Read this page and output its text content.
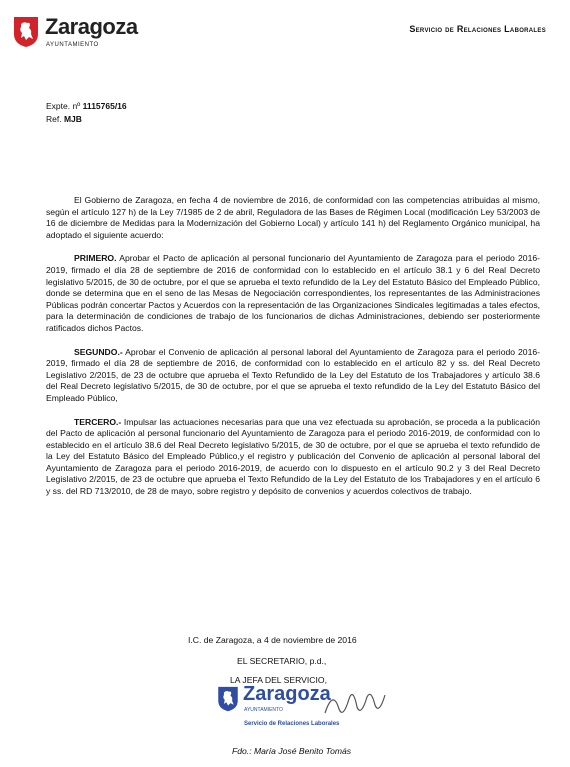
Zaragoza
AYUNTAMIENTO
Servicio de Relaciones Laborales
Expte. nº 1115765/16
Ref. MJB

El Gobierno de Zaragoza, en fecha 4 de noviembre de 2016, de conformidad con las competencias atribuidas al mismo, según el artículo 127 h) de la Ley 7/1985 de 2 de abril, Reguladora de las Bases de Régimen Local (modificación Ley 53/2003 de 16 de diciembre de Medidas para la Modernización del Gobierno Local) y artículo 141 h) del Reglamento Orgánico municipal, ha adoptado el siguiente acuerdo:

PRIMERO. Aprobar el Pacto de aplicación al personal funcionario del Ayuntamiento de Zaragoza para el periodo 2016-2019, firmado el día 28 de septiembre de 2016 de conformidad con lo establecido en el artículo 38.1 y 6 del Real Decreto legislativo 5/2015, de 30 de octubre, por el que se aprueba el texto refundido de la Ley del Estatuto Básico del Empleado Público, donde se determina que en el seno de las Mesas de Negociación correspondientes, los representantes de las Administraciones Públicas podrán concertar Pactos y Acuerdos con la representación de las Organizaciones Sindicales legitimadas a tales efectos, para la determinación de condiciones de trabajo de los funcionarios de dichas Administraciones, debiendo ser posteriormente ratificados dichos Pactos.

SEGUNDO.- Aprobar el Convenio de aplicación al personal laboral del Ayuntamiento de Zaragoza para el periodo 2016-2019, firmado el día 28 de septiembre de 2016, de conformidad con lo establecido en el artículo 82 y ss. del Real Decreto Legislativo 2/2015, de 23 de octubre que aprueba el Texto Refundido de la Ley del Estatuto de los Trabajadores y artículo 38.6 del Real Decreto legislativo 5/2015, de 30 de octubre, por el que se aprueba el texto refundido de la Ley del Estatuto Básico del Empleado Público,

TERCERO.- Impulsar las actuaciones necesarias para que una vez efectuada su aprobación, se proceda a la publicación del Pacto de aplicación al personal funcionario del Ayuntamiento de Zaragoza para el periodo 2016-2019, de conformidad con lo establecido en el artículo 38.6 del Real Decreto legislativo 5/2015, de 30 de octubre, por el que se aprueba el texto refundido de la Ley del Estatuto Básico del Empleado Público,y el registro y publicación del Convenio de aplicación al personal laboral del Ayuntamiento de Zaragoza para el periodo 2016-2019, de acuerdo con lo dispuesto en el artículo 90.2 y 3 del Real Decreto Legislativo 2/2015, de 23 de octubre que aprueba el Texto Refundido de la Ley del Estatuto de los Trabajadores y en el artículo 6 y ss. del RD 713/2010, de 28 de mayo, sobre registro y depósito de convenios y acuerdos colectivos de trabajo.

I.C. de Zaragoza, a 4 de noviembre de 2016
EL SECRETARIO, p.d.,
LA JEFA DEL SERVICIO,
Zaragoza
AYUNTAMIENTO
Servicio de Relaciones Laborales
Fdo.: María José Benito Tomás
